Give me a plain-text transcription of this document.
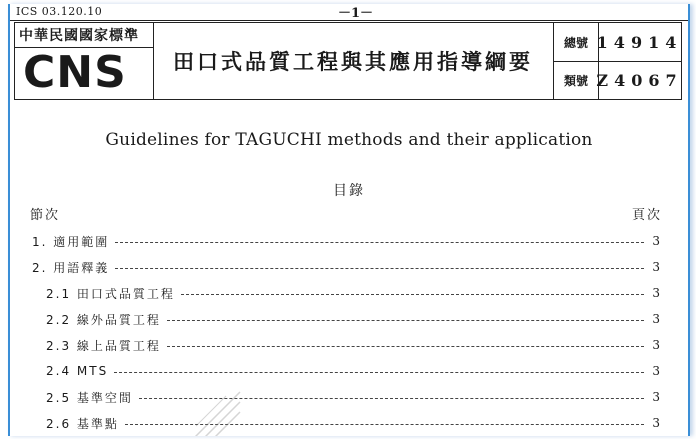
ICS 03.120.10	－1－
中華民國國家標準
CNS	田口式品質工程與其應用指導綱要
總號 14914
類號 Z4067
Guidelines for TAGUCHI methods and their application
目錄
節次	頁次
1. 適用範圍	3
2. 用語釋義	3
2.1 田口式品質工程	3
2.2 線外品質工程	3
2.3 線上品質工程	3
2.4 MTS	3
2.5 基準空間	3
2.6 基準點	3
